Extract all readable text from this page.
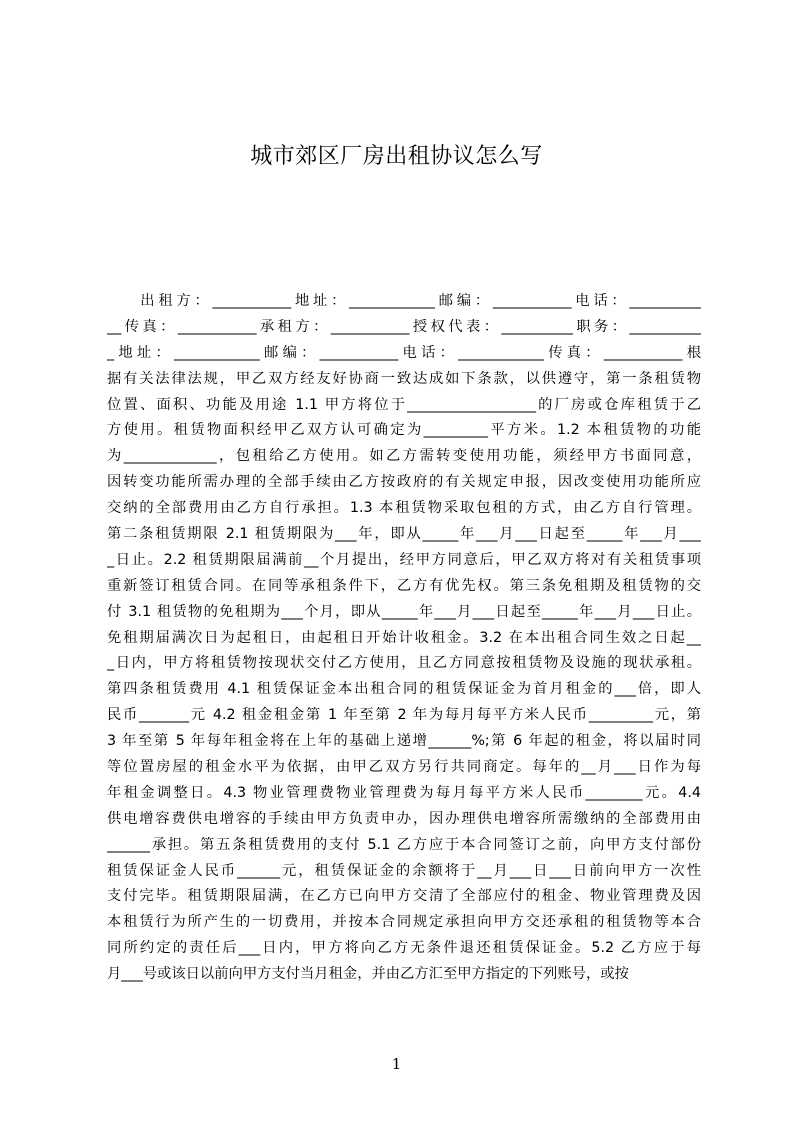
城市郊区厂房出租协议怎么写
出租方：___________地址：____________邮编：___________电话：__________
__传真：___________承租方：___________授权代表：__________职务：__________
_地址：____________邮编：___________电话：____________传真：___________根
据有关法律法规，甲乙双方经友好协商一致达成如下条款，以供遵守，第一条租赁物
位置、面积、功能及用途 1.1 甲方将位于__________________的厂房或仓库租赁于乙
方使用。租赁物面积经甲乙双方认可确定为_________平方米。1.2 本租赁物的功能
为_____________，包租给乙方使用。如乙方需转变使用功能，须经甲方书面同意，
因转变功能所需办理的全部手续由乙方按政府的有关规定申报，因改变使用功能所应
交纳的全部费用由乙方自行承担。1.3 本租赁物采取包租的方式，由乙方自行管理。
第二条租赁期限 2.1 租赁期限为___年，即从_____年___月___日起至_____年___月___
_日止。2.2 租赁期限届满前__个月提出，经甲方同意后，甲乙双方将对有关租赁事项
重新签订租赁合同。在同等承租条件下，乙方有优先权。第三条免租期及租赁物的交
付 3.1 租赁物的免租期为___个月，即从_____年___月___日起至_____年___月___日止。
免租期届满次日为起租日，由起租日开始计收租金。3.2 在本出租合同生效之日起__
_日内，甲方将租赁物按现状交付乙方使用，且乙方同意按租赁物及设施的现状承租。
第四条租赁费用 4.1 租赁保证金本出租合同的租赁保证金为首月租金的___倍，即人
民币_______元 4.2 租金租金第 1 年至第 2 年为每月每平方米人民币_________元，第
3 年至第 5 年每年租金将在上年的基础上递增______%;第 6 年起的租金，将以届时同
等位置房屋的租金水平为依据，由甲乙双方另行共同商定。每年的__月___日作为每
年租金调整日。4.3 物业管理费物业管理费为每月每平方米人民币________元。4.4
供电增容费供电增容的手续由甲方负责申办，因办理供电增容所需缴纳的全部费用由
______承担。第五条租赁费用的支付 5.1 乙方应于本合同签订之前，向甲方支付部份
租赁保证金人民币______元，租赁保证金的余额将于__月___日___日前向甲方一次性
支付完毕。租赁期限届满，在乙方已向甲方交清了全部应付的租金、物业管理费及因
本租赁行为所产生的一切费用，并按本合同规定承担向甲方交还承租的租赁物等本合
同所约定的责任后___日内，甲方将向乙方无条件退还租赁保证金。5.2 乙方应于每
月___号或该日以前向甲方支付当月租金，并由乙方汇至甲方指定的下列账号，或按
1
